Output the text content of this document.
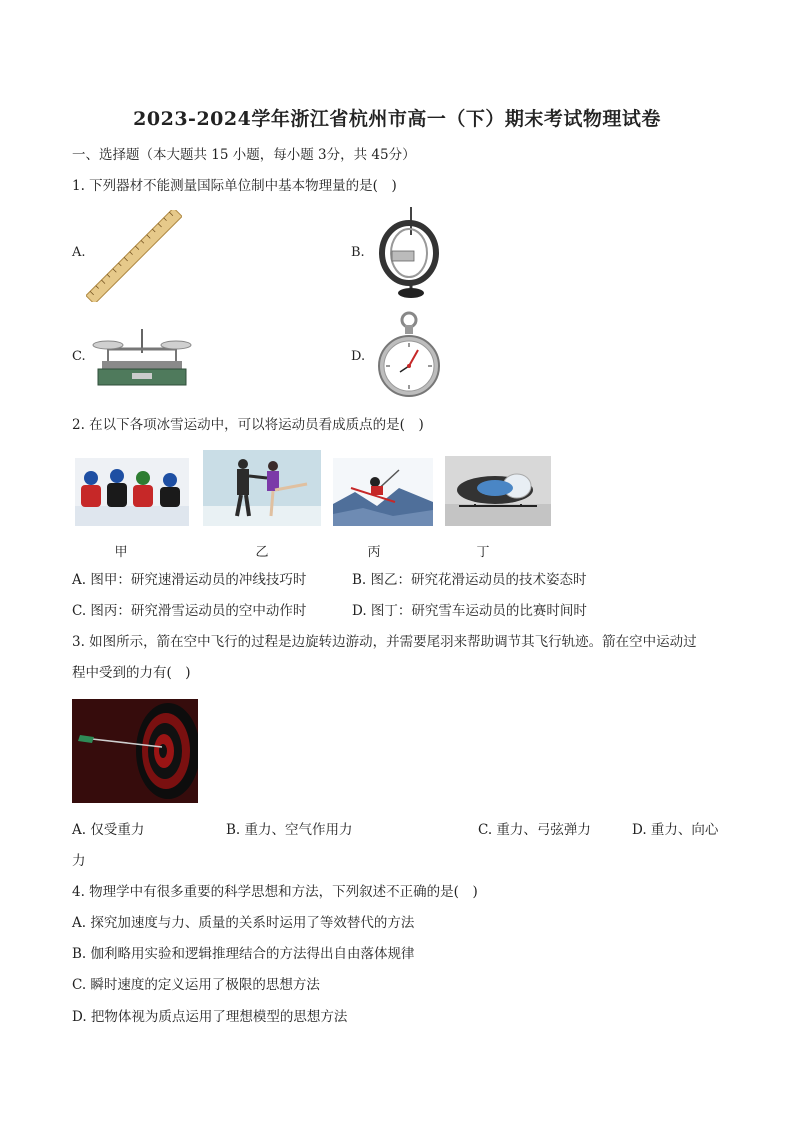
2023-2024学年浙江省杭州市高一（下）期末考试物理试卷
一、选择题（本大题共 15 小题，每小题 3分，共 45分）
1. 下列器材不能测量国际单位制中基本物理量的是(　)
A.	B.
C.	D.
2. 在以下各项冰雪运动中，可以将运动员看成质点的是(　)
甲	乙	丙	丁
A. 图甲：研究速滑运动员的冲线技巧时	B. 图乙：研究花滑运动员的技术姿态时
C. 图丙：研究滑雪运动员的空中动作时	D. 图丁：研究雪车运动员的比赛时间时
3. 如图所示，箭在空中飞行的过程是边旋转边游动，并需要尾羽来帮助调节其飞行轨迹。箭在空中运动过
程中受到的力有(　)
A. 仅受重力	B. 重力、空气作用力	C. 重力、弓弦弹力	D. 重力、向心
力
4. 物理学中有很多重要的科学思想和方法，下列叙述不正确的是(　)
A. 探究加速度与力、质量的关系时运用了等效替代的方法
B. 伽利略用实验和逻辑推理结合的方法得出自由落体规律
C. 瞬时速度的定义运用了极限的思想方法
D. 把物体视为质点运用了理想模型的思想方法
